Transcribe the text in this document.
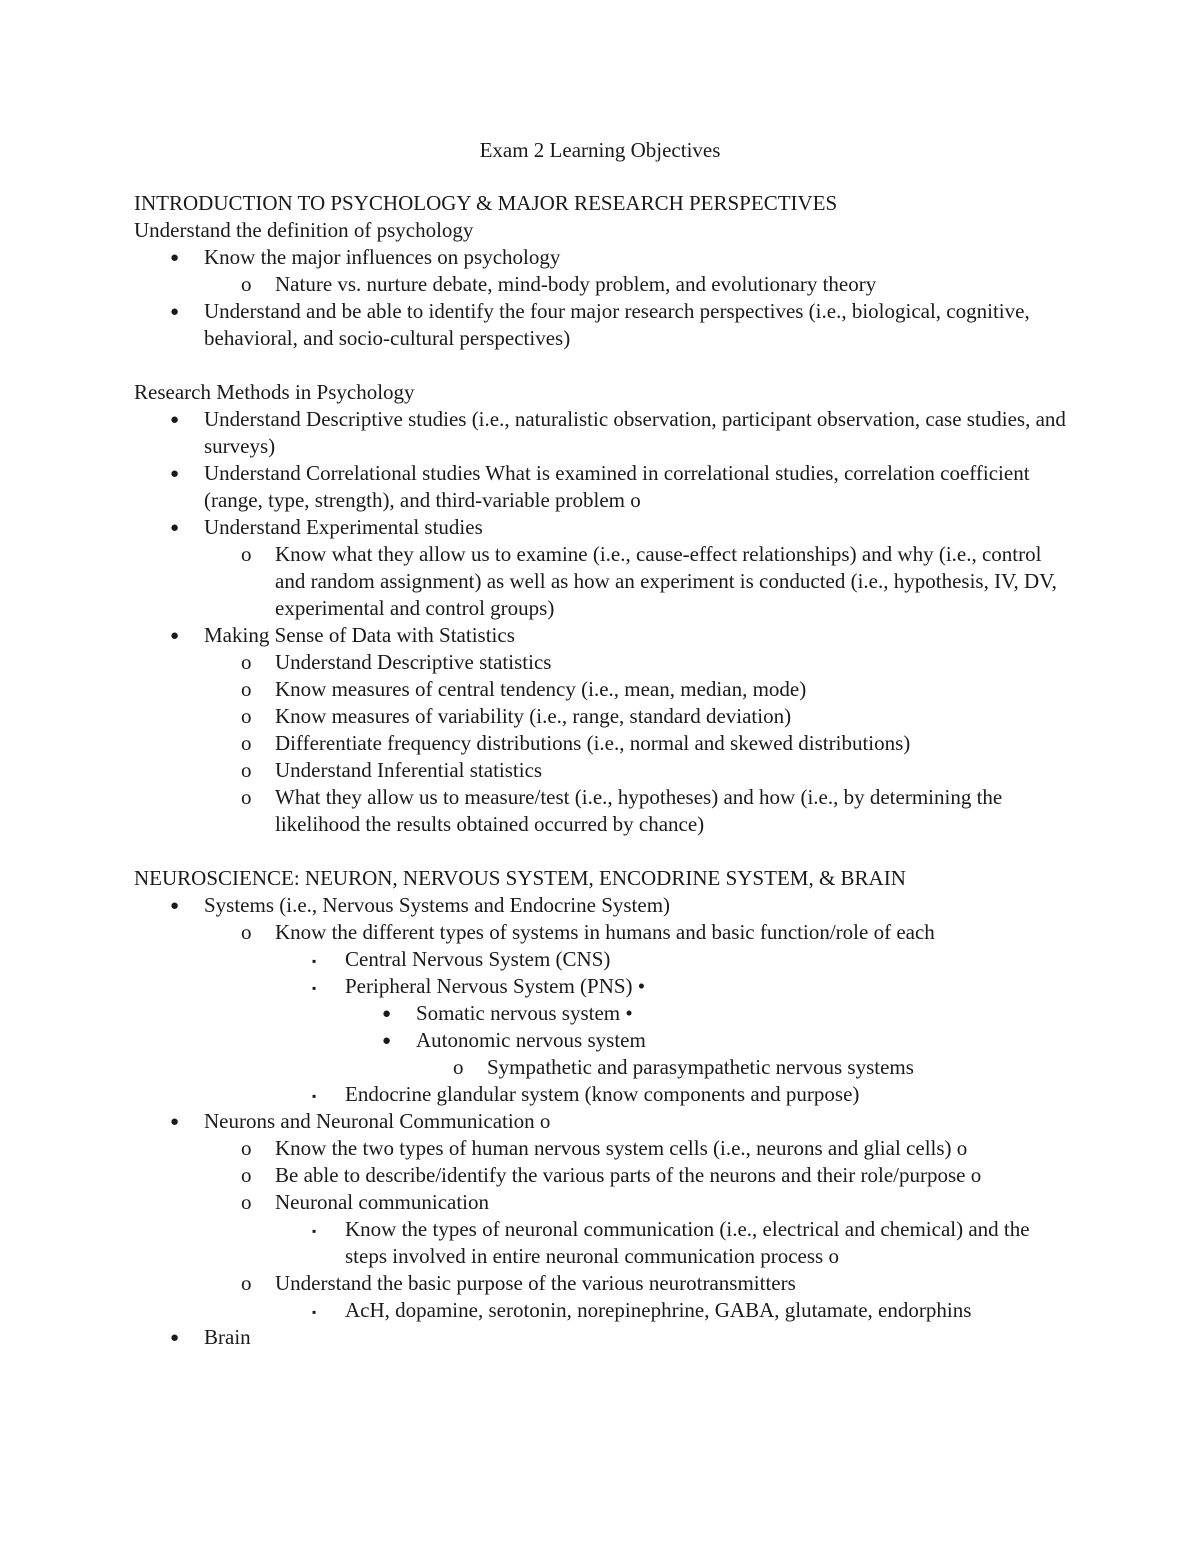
Exam 2 Learning Objectives
INTRODUCTION TO PSYCHOLOGY & MAJOR RESEARCH PERSPECTIVES
Understand the definition of psychology
● Know the major influences on psychology
o Nature vs. nurture debate, mind-body problem, and evolutionary theory
● Understand and be able to identify the four major research perspectives (i.e., biological, cognitive, behavioral, and socio-cultural perspectives)
Research Methods in Psychology
● Understand Descriptive studies (i.e., naturalistic observation, participant observation, case studies, and surveys)
● Understand Correlational studies What is examined in correlational studies, correlation coefficient (range, type, strength), and third-variable problem o
● Understand Experimental studies
o Know what they allow us to examine (i.e., cause-effect relationships) and why (i.e., control and random assignment) as well as how an experiment is conducted (i.e., hypothesis, IV, DV, experimental and control groups)
● Making Sense of Data with Statistics
o Understand Descriptive statistics
o Know measures of central tendency (i.e., mean, median, mode)
o Know measures of variability (i.e., range, standard deviation)
o Differentiate frequency distributions (i.e., normal and skewed distributions)
o Understand Inferential statistics
o What they allow us to measure/test (i.e., hypotheses) and how (i.e., by determining the likelihood the results obtained occurred by chance)
NEUROSCIENCE: NEURON, NERVOUS SYSTEM, ENCODRINE SYSTEM, & BRAIN
● Systems (i.e., Nervous Systems and Endocrine System)
o Know the different types of systems in humans and basic function/role of each
▪ Central Nervous System (CNS)
▪ Peripheral Nervous System (PNS) •
● Somatic nervous system •
● Autonomic nervous system
o Sympathetic and parasympathetic nervous systems
▪ Endocrine glandular system (know components and purpose)
● Neurons and Neuronal Communication o
o Know the two types of human nervous system cells (i.e., neurons and glial cells) o
o Be able to describe/identify the various parts of the neurons and their role/purpose o
o Neuronal communication
▪ Know the types of neuronal communication (i.e., electrical and chemical) and the steps involved in entire neuronal communication process o
o Understand the basic purpose of the various neurotransmitters
▪ AcH, dopamine, serotonin, norepinephrine, GABA, glutamate, endorphins
● Brain
